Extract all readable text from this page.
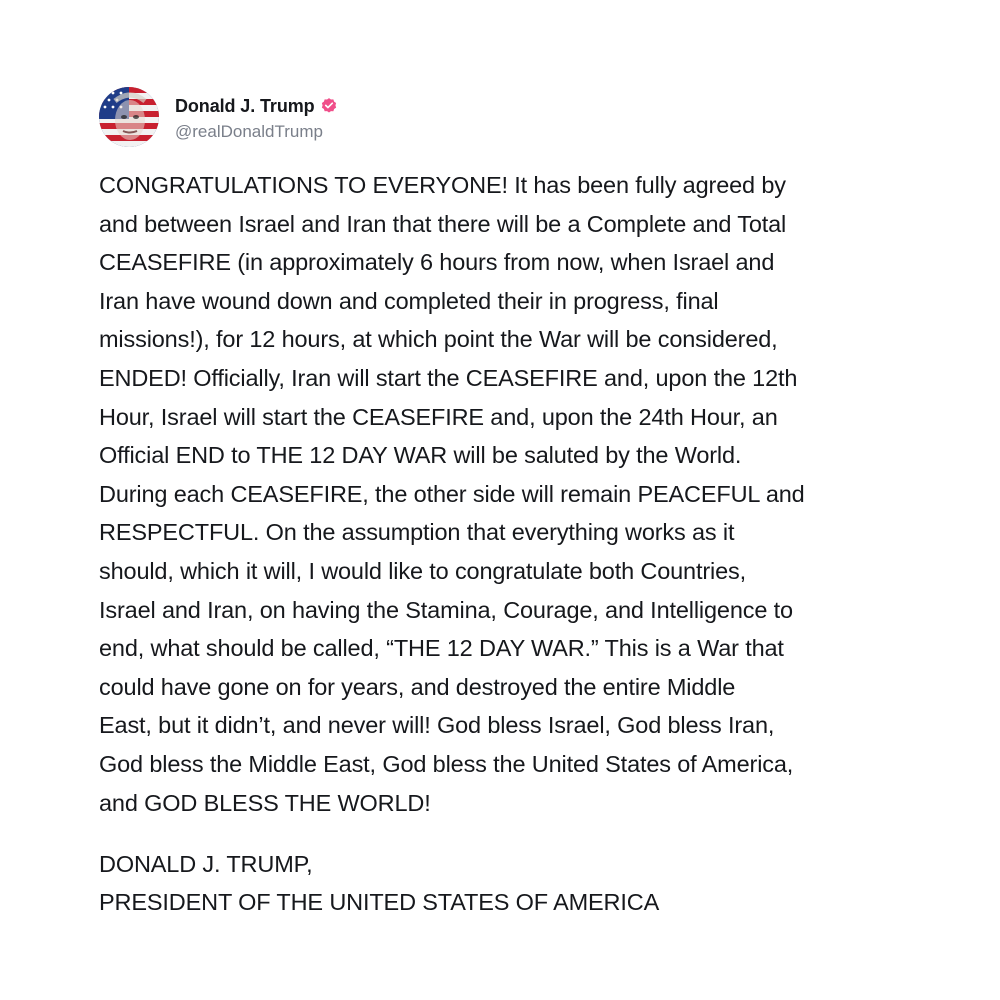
Donald J. Trump
@realDonaldTrump
CONGRATULATIONS TO EVERYONE! It has been fully agreed by
and between Israel and Iran that there will be a Complete and Total
CEASEFIRE (in approximately 6 hours from now, when Israel and
Iran have wound down and completed their in progress, final
missions!), for 12 hours, at which point the War will be considered,
ENDED! Officially, Iran will start the CEASEFIRE and, upon the 12th
Hour, Israel will start the CEASEFIRE and, upon the 24th Hour, an
Official END to THE 12 DAY WAR will be saluted by the World.
During each CEASEFIRE, the other side will remain PEACEFUL and
RESPECTFUL. On the assumption that everything works as it
should, which it will, I would like to congratulate both Countries,
Israel and Iran, on having the Stamina, Courage, and Intelligence to
end, what should be called, “THE 12 DAY WAR.” This is a War that
could have gone on for years, and destroyed the entire Middle
East, but it didn’t, and never will! God bless Israel, God bless Iran,
God bless the Middle East, God bless the United States of America,
and GOD BLESS THE WORLD!
DONALD J. TRUMP,
PRESIDENT OF THE UNITED STATES OF AMERICA
